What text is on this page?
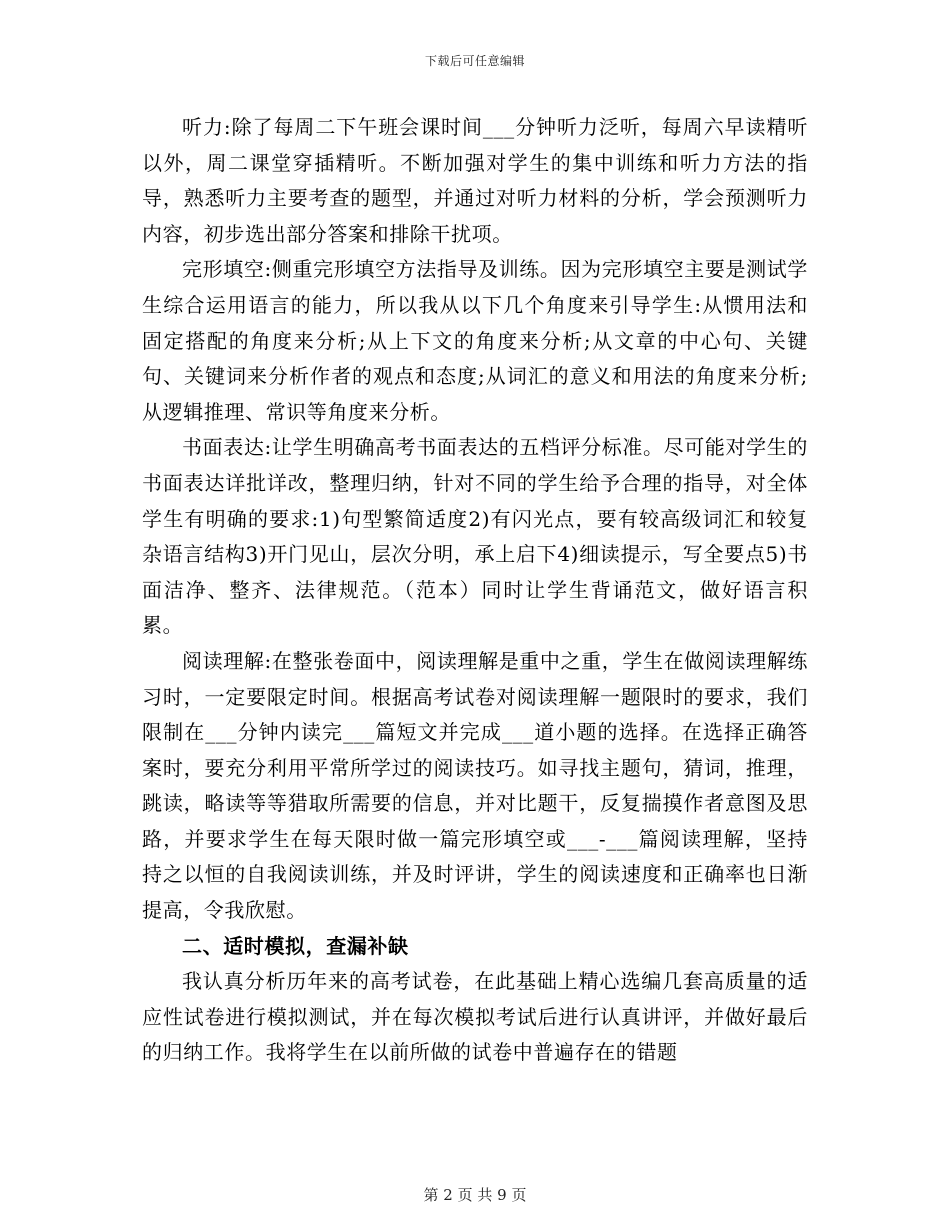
下载后可任意编辑

听力:除了每周二下午班会课时间___分钟听力泛听，每周六早读精听以外，周二课堂穿插精听。不断加强对学生的集中训练和听力方法的指导，熟悉听力主要考查的题型，并通过对听力材料的分析，学会预测听力内容，初步选出部分答案和排除干扰项。

完形填空:侧重完形填空方法指导及训练。因为完形填空主要是测试学生综合运用语言的能力，所以我从以下几个角度来引导学生:从惯用法和固定搭配的角度来分析;从上下文的角度来分析;从文章的中心句、关键句、关键词来分析作者的观点和态度;从词汇的意义和用法的角度来分析;从逻辑推理、常识等角度来分析。

书面表达:让学生明确高考书面表达的五档评分标准。尽可能对学生的书面表达详批详改，整理归纳，针对不同的学生给予合理的指导，对全体学生有明确的要求:1)句型繁简适度2)有闪光点，要有较高级词汇和较复杂语言结构3)开门见山，层次分明，承上启下4)细读提示，写全要点5)书面洁净、整齐、法律规范。（范本）同时让学生背诵范文，做好语言积累。

阅读理解:在整张卷面中，阅读理解是重中之重，学生在做阅读理解练习时，一定要限定时间。根据高考试卷对阅读理解一题限时的要求，我们限制在___分钟内读完___篇短文并完成___道小题的选择。在选择正确答案时，要充分利用平常所学过的阅读技巧。如寻找主题句，猜词，推理，跳读，略读等等猎取所需要的信息，并对比题干，反复揣摸作者意图及思路，并要求学生在每天限时做一篇完形填空或___-___篇阅读理解，坚持持之以恒的自我阅读训练，并及时评讲，学生的阅读速度和正确率也日渐提高，令我欣慰。

二、适时模拟，查漏补缺

我认真分析历年来的高考试卷，在此基础上精心选编几套高质量的适应性试卷进行模拟测试，并在每次模拟考试后进行认真讲评，并做好最后的归纳工作。我将学生在以前所做的试卷中普遍存在的错题

第 2 页 共 9 页
